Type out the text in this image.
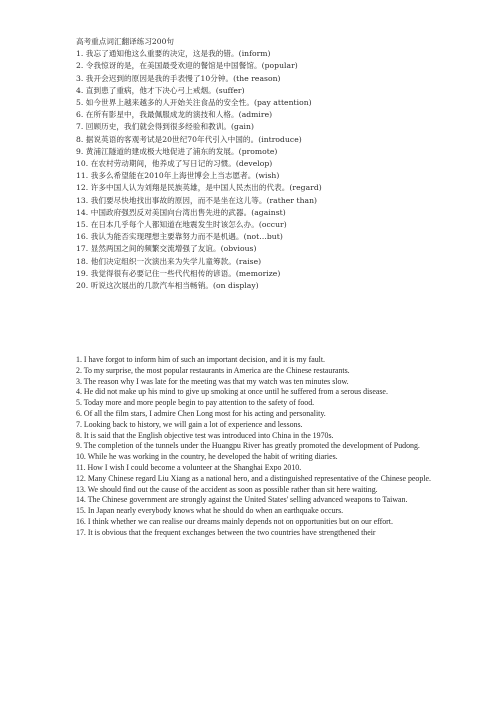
高考重点词汇翻译练习200句
1. 我忘了通知他这么重要的决定，这是我的错。(inform)
2. 令我惊讶的是，在美国最受欢迎的餐馆是中国餐馆。(popular)
3. 我开会迟到的原因是我的手表慢了10分钟。(the reason)
4. 直到患了重病，他才下决心弓上戒烟。(suffer)
5. 如今世界上越来越多的人开始关注食品的安全性。(pay attention)
6. 在所有影星中，我最佩服成龙的演技和人格。(admire)
7. 回顾历史，我们就会得到很多经验和教训。(gain)
8. 据说英语的客观考试是20世纪70年代引入中国的。(introduce)
9. 黄浦江隧道的建成极大地促进了浦东的发展。(promote)
10. 在农村劳动期间，他养成了写日记的习惯。(develop)
11. 我多么希望能在2010年上海世博会上当志愿者。(wish)
12. 许多中国人认为刘翔是民族英雄，是中国人民杰出的代表。(regard)
13. 我们要尽快地找出事故的原因，而不是坐在这儿等。(rather than)
14. 中国政府强烈反对美国向台湾出售先进的武器。(against)
15. 在日本几乎每个人都知道在地震发生时该怎么办。(occur)
16. 我认为能否实现理想主要靠努力而不是机遇。(not…but)
17. 显然两国之间的频繁交流增强了友谊。(obvious)
18. 他们决定组织一次演出来为失学儿童筹款。(raise)
19. 我觉得很有必要记住一些代代相传的谚语。(memorize)
20. 听说这次展出的几款汽车相当畅销。(on display)
1. I have forgot to inform him of such an important decision, and it is my fault.
2. To my surprise, the most popular restaurants in America are the Chinese restaurants.
3. The reason why I was late for the meeting was that my watch was ten minutes slow.
4. He did not make up his mind to give up smoking at once until he suffered from a serous disease.
5. Today more and more people begin to pay attention to the safety of food.
6. Of all the film stars, I admire Chen Long most for his acting and personality.
7. Looking back to history, we will gain a lot of experience and lessons.
8. It is said that the English objective test was introduced into China in the 1970s.
9. The completion of the tunnels under the Huangpu River has greatly promoted the development of Pudong.
10. While he was working in the country, he developed the habit of writing diaries.
11. How I wish I could become a volunteer at the Shanghai Expo 2010.
12. Many Chinese regard Liu Xiang as a national hero, and a distinguished representative of the Chinese people.
13. We should find out the cause of the accident as soon as possible rather than sit here waiting.
14. The Chinese government are strongly against the United States' selling advanced weapons to Taiwan.
15. In Japan nearly everybody knows what he should do when an earthquake occurs.
16. I think whether we can realise our dreams mainly depends not on opportunities but on our effort.
17. It is obvious that the frequent exchanges between the two countries have strengthened their
